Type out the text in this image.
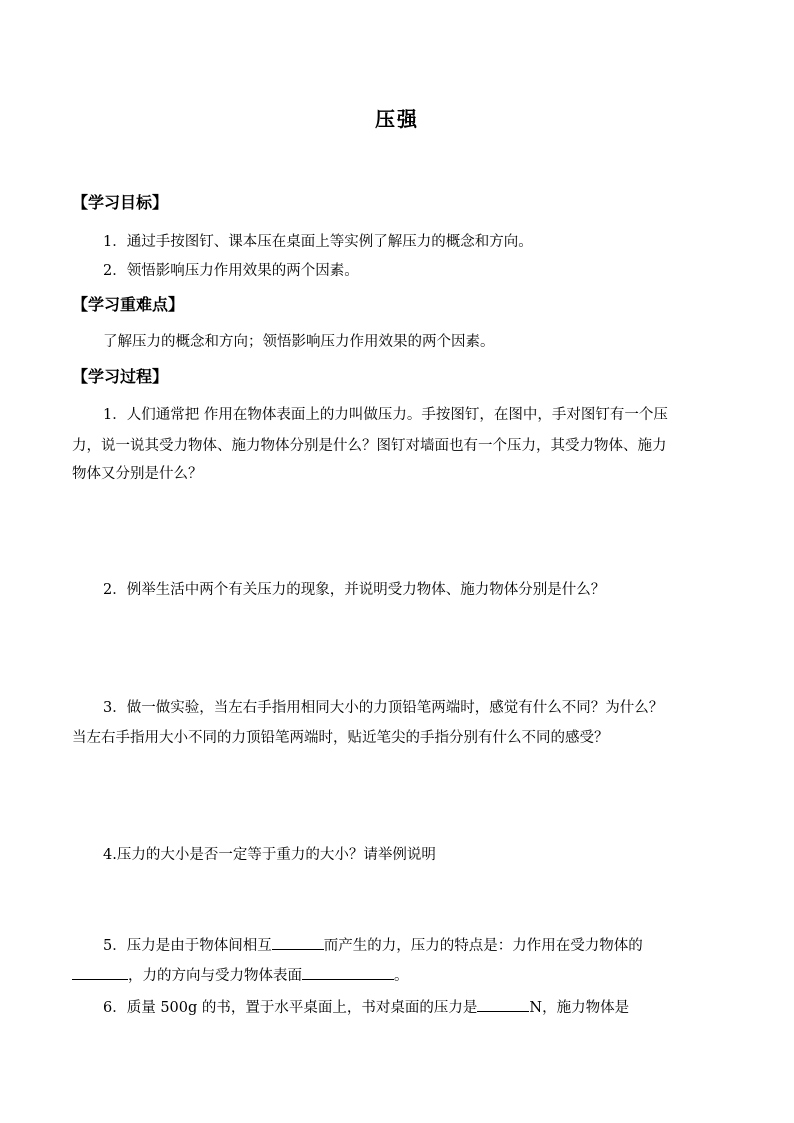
压强
【学习目标】
1．通过手按图钉、课本压在桌面上等实例了解压力的概念和方向。
2．领悟影响压力作用效果的两个因素。
【学习重难点】
了解压力的概念和方向；领悟影响压力作用效果的两个因素。
【学习过程】
1．人们通常把 作用在物体表面上的力叫做压力。手按图钉，在图中，手对图钉有一个压
力，说一说其受力物体、施力物体分别是什么？图钉对墙面也有一个压力，其受力物体、施力
物体又分别是什么？
2．例举生活中两个有关压力的现象，并说明受力物体、施力物体分别是什么？
3．做一做实验，当左右手指用相同大小的力顶铅笔两端时，感觉有什么不同？为什么？
当左右手指用大小不同的力顶铅笔两端时，贴近笔尖的手指分别有什么不同的感受？
4.压力的大小是否一定等于重力的大小？请举例说明
5．压力是由于物体间相互	而产生的力，压力的特点是：力作用在受力物体的
，力的方向与受力物体表面	。
6．质量 500g 的书，置于水平桌面上，书对桌面的压力是	N，施力物体是
